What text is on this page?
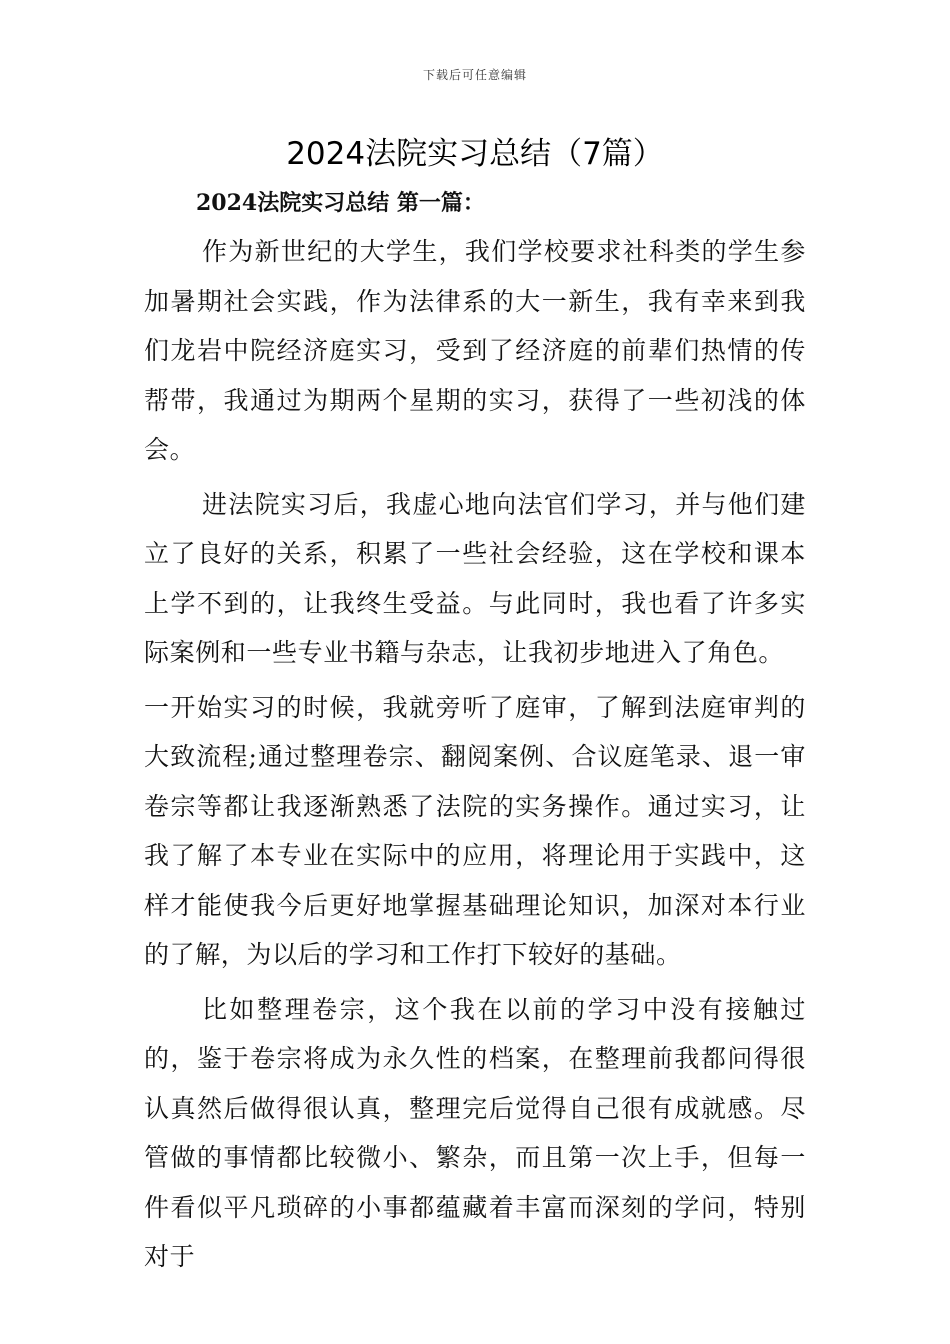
下载后可任意编辑
2024法院实习总结（7篇）
2024法院实习总结 第一篇：

作为新世纪的大学生，我们学校要求社科类的学生参加暑期社会实践，作为法律系的大一新生，我有幸来到我们龙岩中院经济庭实习，受到了经济庭的前辈们热情的传帮带，我通过为期两个星期的实习，获得了一些初浅的体会。

进法院实习后，我虚心地向法官们学习，并与他们建立了良好的关系，积累了一些社会经验，这在学校和课本上学不到的，让我终生受益。与此同时，我也看了许多实际案例和一些专业书籍与杂志，让我初步地进入了角色。

一开始实习的时候，我就旁听了庭审，了解到法庭审判的大致流程;通过整理卷宗、翻阅案例、合议庭笔录、退一审卷宗等都让我逐渐熟悉了法院的实务操作。通过实习，让我了解了本专业在实际中的应用，将理论用于实践中，这样才能使我今后更好地掌握基础理论知识，加深对本行业的了解，为以后的学习和工作打下较好的基础。

比如整理卷宗，这个我在以前的学习中没有接触过的，鉴于卷宗将成为永久性的档案，在整理前我都问得很认真然后做得很认真，整理完后觉得自己很有成就感。尽管做的事情都比较微小、繁杂，而且第一次上手，但每一件看似平凡琐碎的小事都蕴藏着丰富而深刻的学问，特别对于
